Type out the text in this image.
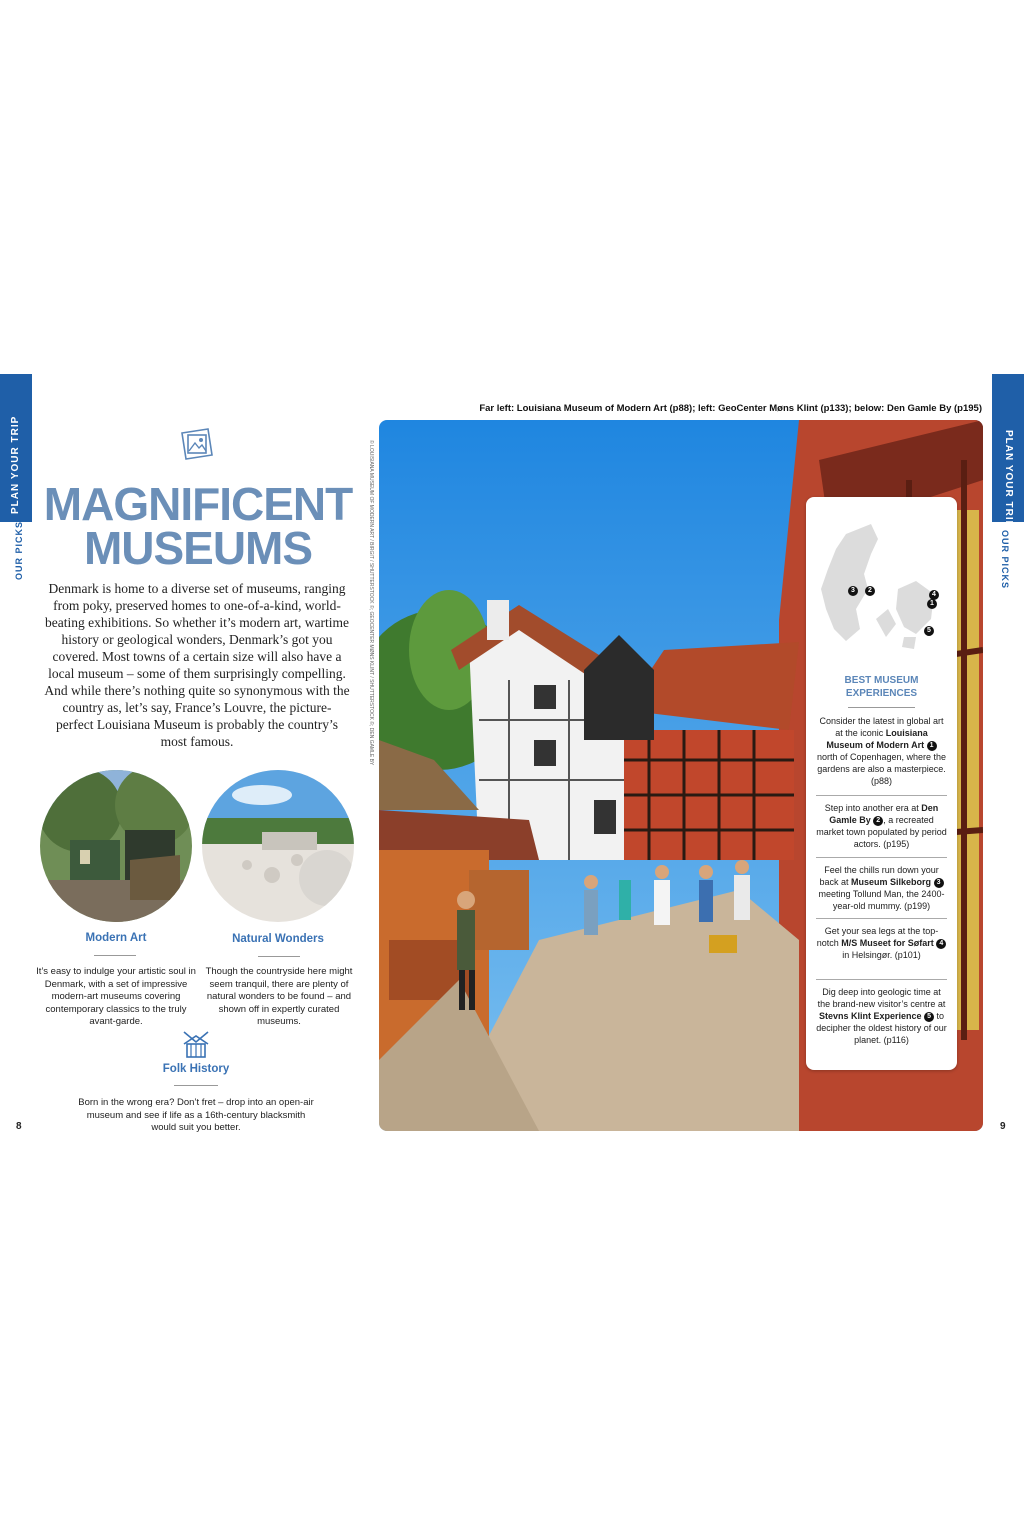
PLAN YOUR TRIP
OUR PICKS
PLAN YOUR TRIP
OUR PICKS
MAGNIFICENT
MUSEUMS
Denmark is home to a diverse set of museums, ranging from poky, preserved homes to one-of-a-kind, world-beating exhibitions. So whether it’s modern art, wartime history or geological wonders, Denmark’s got you covered. Most towns of a certain size will also have a local museum – some of them surprisingly compelling. And while there’s nothing quite so synonymous with the country as, let’s say, France’s Louvre, the picture-perfect Louisiana Museum is probably the country’s most famous.
Modern Art
It’s easy to indulge your artistic soul in Denmark, with a set of impressive modern-art museums covering contemporary classics to the truly avant-garde.
Natural Wonders
Though the countryside here might seem tranquil, there are plenty of natural wonders to be found – and shown off in expertly curated museums.
Folk History
Born in the wrong era? Don’t fret – drop into an open-air museum and see if life as a 16th-century blacksmith would suit you better.
8	9
Far left: Louisiana Museum of Modern Art (p88); left: GeoCenter Møns Klint (p133); below: Den Gamle By (p195)
© LOUISIANA MUSEUM OF MODERN ART / BIRGIT / SHUTTERSTOCK ©; GEOCENTER MØNS KLINT / SHUTTERSTOCK ©; DEN GAMLE BY	3	2
4
1
5
BEST MUSEUM
EXPERIENCES
Consider the latest in global art at the iconic Louisiana Museum of Modern Art 1 north of Copenhagen, where the gardens are also a masterpiece. (p88)
Step into another era at Den Gamle By 2 , a recreated market town populated by period actors. (p195)
Feel the chills run down your back at Museum Silkeborg 3 meeting Tollund Man, the 2400-year-old mummy. (p199)
Get your sea legs at the top-notch M/S Museet for Søfart 4 in Helsingør. (p101)
Dig deep into geologic time at the brand-new visitor’s centre at Stevns Klint Experience 5 to decipher the oldest history of our planet. (p116)
